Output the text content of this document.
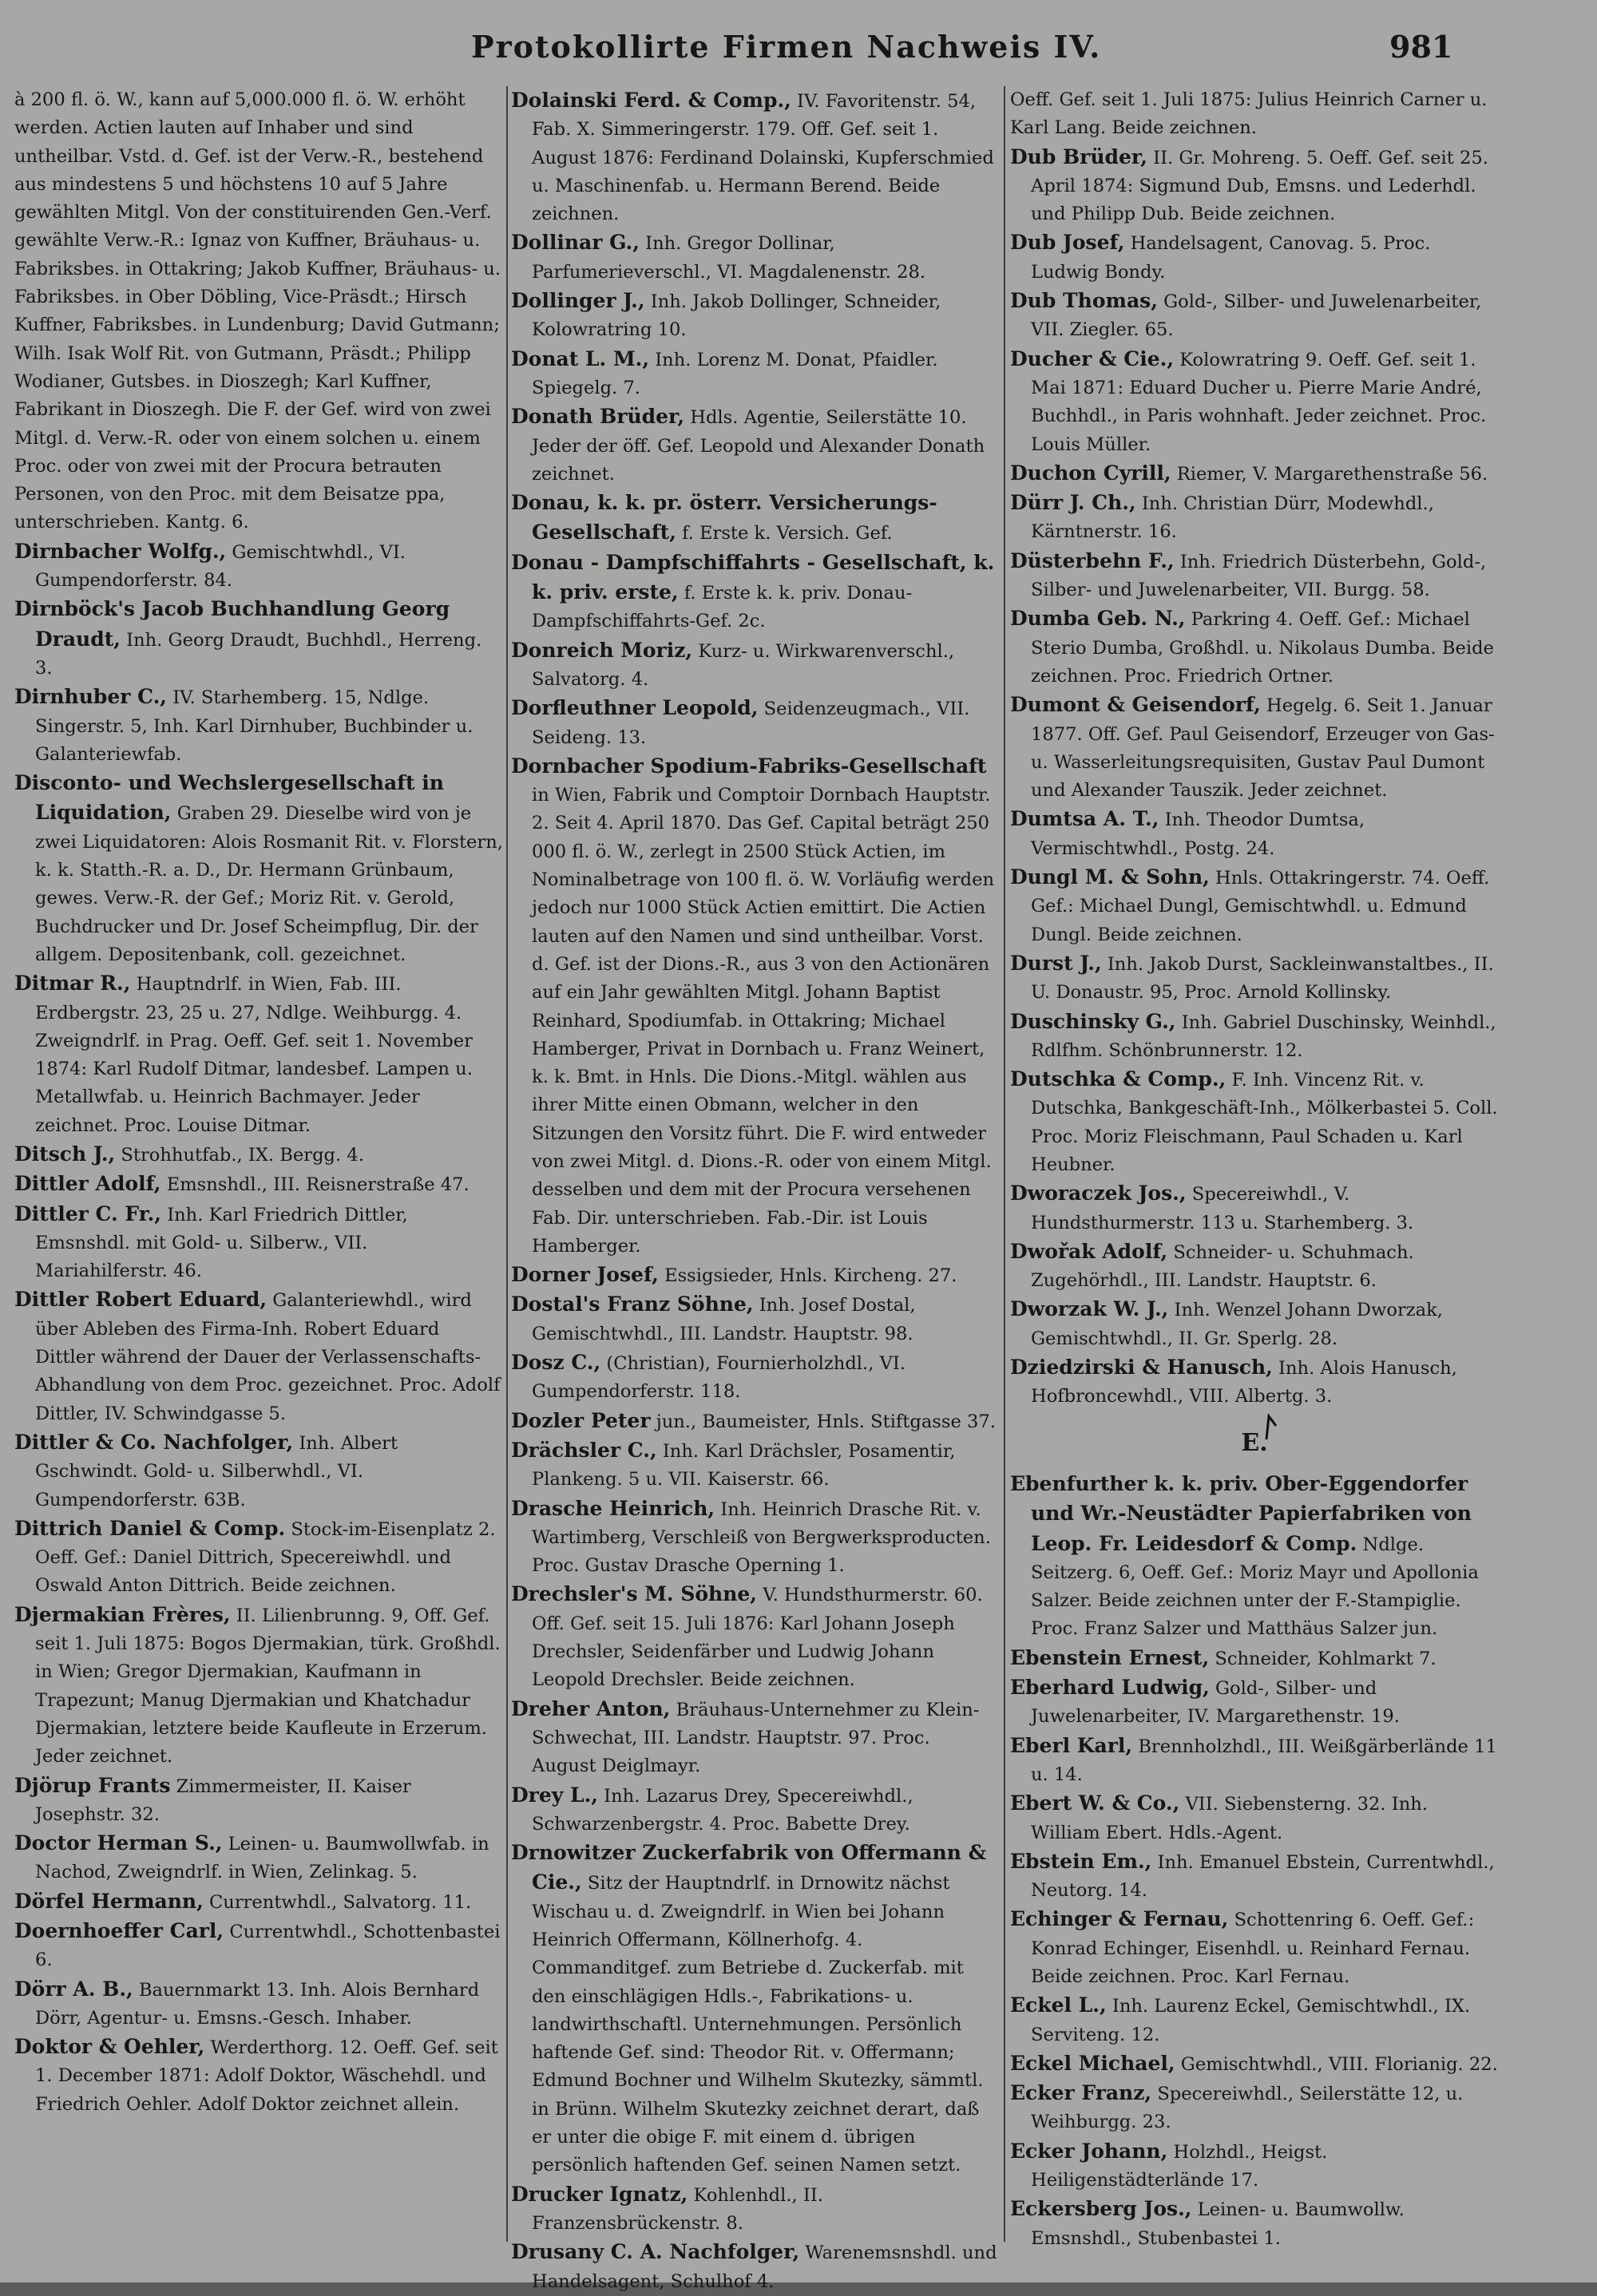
Protokollirte Firmen Nachweis IV.	981

à 200 fl. ö. W., kann auf 5,000.000 fl. ö. W. erhöht werden. Actien lauten auf Inhaber und sind untheilbar. Vstd. d. Gef. ist der Verw.-R., bestehend aus mindestens 5 und höchstens 10 auf 5 Jahre gewählten Mitgl. Von der constituirenden Gen.-Verf. gewählte Verw.-R.: Ignaz von Kuffner, Bräuhaus- u. Fabriksbes. in Ottakring; Jakob Kuffner, Bräuhaus- u. Fabriksbes. in Ober Döbling, Vice-Präsdt.; Hirsch Kuffner, Fabriksbes. in Lundenburg; David Gutmann; Wilh. Isak Wolf Rit. von Gutmann, Präsdt.; Philipp Wodianer, Gutsbes. in Dioszegh; Karl Kuffner, Fabrikant in Dioszegh. Die F. der Gef. wird von zwei Mitgl. d. Verw.-R. oder von einem solchen u. einem Proc. oder von zwei mit der Procura betrauten Personen, von den Proc. mit dem Beisatze ppa, unterschrieben. Kantg. 6.

Dirnbacher Wolfg., Gemischtwhdl., VI. Gumpendorferstr. 84.

Dirnböck's Jacob Buchhandlung Georg Draudt, Inh. Georg Draudt, Buchhdl., Herreng. 3.

Dirnhuber C., IV. Starhemberg. 15, Ndlge. Singerstr. 5, Inh. Karl Dirnhuber, Buchbinder u. Galanteriewfab.

Disconto- und Wechslergesellschaft in Liquidation, Graben 29. Dieselbe wird von je zwei Liquidatoren: Alois Rosmanit Rit. v. Florstern, k. k. Statth.-R. a. D., Dr. Hermann Grünbaum, gewes. Verw.-R. der Gef.; Moriz Rit. v. Gerold, Buchdrucker und Dr. Josef Scheimpflug, Dir. der allgem. Depositenbank, coll. gezeichnet.

Ditmar R., Hauptndrlf. in Wien, Fab. III. Erdbergstr. 23, 25 u. 27, Ndlge. Weihburgg. 4. Zweigndrlf. in Prag. Oeff. Gef. seit 1. November 1874: Karl Rudolf Ditmar, landesbef. Lampen u. Metallwfab. u. Heinrich Bachmayer. Jeder zeichnet. Proc. Louise Ditmar.

Ditsch J., Strohhutfab., IX. Bergg. 4.

Dittler Adolf, Emsnshdl., III. Reisnerstraße 47.

Dittler C. Fr., Inh. Karl Friedrich Dittler, Emsnshdl. mit Gold- u. Silberw., VII. Mariahilferstr. 46.

Dittler Robert Eduard, Galanteriewhdl., wird über Ableben des Firma-Inh. Robert Eduard Dittler während der Dauer der Verlassenschafts-Abhandlung von dem Proc. gezeichnet. Proc. Adolf Dittler, IV. Schwindgasse 5.

Dittler & Co. Nachfolger, Inh. Albert Gschwindt. Gold- u. Silberwhdl., VI. Gumpendorferstr. 63B.

Dittrich Daniel & Comp. Stock-im-Eisenplatz 2. Oeff. Gef.: Daniel Dittrich, Specereiwhdl. und Oswald Anton Dittrich. Beide zeichnen.

Djermakian Frères, II. Lilienbrunng. 9, Off. Gef. seit 1. Juli 1875: Bogos Djermakian, türk. Großhdl. in Wien; Gregor Djermakian, Kaufmann in Trapezunt; Manug Djermakian und Khatchadur Djermakian, letztere beide Kaufleute in Erzerum. Jeder zeichnet.

Djörup Frants Zimmermeister, II. Kaiser Josephstr. 32.

Doctor Herman S., Leinen- u. Baumwollwfab. in Nachod, Zweigndrlf. in Wien, Zelinkag. 5.

Dörfel Hermann, Currentwhdl., Salvatorg. 11.

Doernhoeffer Carl, Currentwhdl., Schottenbastei 6.

Dörr A. B., Bauernmarkt 13. Inh. Alois Bernhard Dörr, Agentur- u. Emsns.-Gesch. Inhaber.

Doktor & Oehler, Werderthorg. 12. Oeff. Gef. seit 1. December 1871: Adolf Doktor, Wäschehdl. und Friedrich Oehler. Adolf Doktor zeichnet allein.

Dolainski Ferd. & Comp., IV. Favoritenstr. 54, Fab. X. Simmeringerstr. 179. Off. Gef. seit 1. August 1876: Ferdinand Dolainski, Kupferschmied u. Maschinenfab. u. Hermann Berend. Beide zeichnen.

Dollinar G., Inh. Gregor Dollinar, Parfumerieverschl., VI. Magdalenenstr. 28.

Dollinger J., Inh. Jakob Dollinger, Schneider, Kolowratring 10.

Donat L. M., Inh. Lorenz M. Donat, Pfaidler. Spiegelg. 7.

Donath Brüder, Hdls. Agentie, Seilerstätte 10. Jeder der öff. Gef. Leopold und Alexander Donath zeichnet.

Donau, k. k. pr. österr. Versicherungs-Gesellschaft, f. Erste k. Versich. Gef.

Donau - Dampfschiffahrts - Gesellschaft, k. k. priv. erste, f. Erste k. k. priv. Donau-Dampfschiffahrts-Gef. 2c.

Donreich Moriz, Kurz- u. Wirkwarenverschl., Salvatorg. 4.

Dorfleuthner Leopold, Seidenzeugmach., VII. Seideng. 13.

Dornbacher Spodium-Fabriks-Gesellschaft in Wien, Fabrik und Comptoir Dornbach Hauptstr. 2. Seit 4. April 1870. Das Gef. Capital beträgt 250 000 fl. ö. W., zerlegt in 2500 Stück Actien, im Nominalbetrage von 100 fl. ö. W. Vorläufig werden jedoch nur 1000 Stück Actien emittirt. Die Actien lauten auf den Namen und sind untheilbar. Vorst. d. Gef. ist der Dions.-R., aus 3 von den Actionären auf ein Jahr gewählten Mitgl. Johann Baptist Reinhard, Spodiumfab. in Ottakring; Michael Hamberger, Privat in Dornbach u. Franz Weinert, k. k. Bmt. in Hnls. Die Dions.-Mitgl. wählen aus ihrer Mitte einen Obmann, welcher in den Sitzungen den Vorsitz führt. Die F. wird entweder von zwei Mitgl. d. Dions.-R. oder von einem Mitgl. desselben und dem mit der Procura versehenen Fab. Dir. unterschrieben. Fab.-Dir. ist Louis Hamberger.

Dorner Josef, Essigsieder, Hnls. Kircheng. 27.

Dostal's Franz Söhne, Inh. Josef Dostal, Gemischtwhdl., III. Landstr. Hauptstr. 98.

Dosz C., (Christian), Fournierholzhdl., VI. Gumpendorferstr. 118.

Dozler Peter jun., Baumeister, Hnls. Stiftgasse 37.

Drächsler C., Inh. Karl Drächsler, Posamentir, Plankeng. 5 u. VII. Kaiserstr. 66.

Drasche Heinrich, Inh. Heinrich Drasche Rit. v. Wartimberg, Verschleiß von Bergwerksproducten. Proc. Gustav Drasche Operning 1.

Drechsler's M. Söhne, V. Hundsthurmerstr. 60. Off. Gef. seit 15. Juli 1876: Karl Johann Joseph Drechsler, Seidenfärber und Ludwig Johann Leopold Drechsler. Beide zeichnen.

Dreher Anton, Bräuhaus-Unternehmer zu Klein-Schwechat, III. Landstr. Hauptstr. 97. Proc. August Deiglmayr.

Drey L., Inh. Lazarus Drey, Specereiwhdl., Schwarzenbergstr. 4. Proc. Babette Drey.

Drnowitzer Zuckerfabrik von Offermann & Cie., Sitz der Hauptndrlf. in Drnowitz nächst Wischau u. d. Zweigndrlf. in Wien bei Johann Heinrich Offermann, Köllnerhofg. 4. Commanditgef. zum Betriebe d. Zuckerfab. mit den einschlägigen Hdls.-, Fabrikations- u. landwirthschaftl. Unternehmungen. Persönlich haftende Gef. sind: Theodor Rit. v. Offermann; Edmund Bochner und Wilhelm Skutezky, sämmtl. in Brünn. Wilhelm Skutezky zeichnet derart, daß er unter die obige F. mit einem d. übrigen persönlich haftenden Gef. seinen Namen setzt.

Drucker Ignatz, Kohlenhdl., II. Franzensbrückenstr. 8.

Drusany C. A. Nachfolger, Warenemsnshdl. und Handelsagent, Schulhof 4.

Oeff. Gef. seit 1. Juli 1875: Julius Heinrich Carner u. Karl Lang. Beide zeichnen.

Dub Brüder, II. Gr. Mohreng. 5. Oeff. Gef. seit 25. April 1874: Sigmund Dub, Emsns. und Lederhdl. und Philipp Dub. Beide zeichnen.

Dub Josef, Handelsagent, Canovag. 5. Proc. Ludwig Bondy.

Dub Thomas, Gold-, Silber- und Juwelenarbeiter, VII. Ziegler. 65.

Ducher & Cie., Kolowratring 9. Oeff. Gef. seit 1. Mai 1871: Eduard Ducher u. Pierre Marie André, Buchhdl., in Paris wohnhaft. Jeder zeichnet. Proc. Louis Müller.

Duchon Cyrill, Riemer, V. Margarethenstraße 56.

Dürr J. Ch., Inh. Christian Dürr, Modewhdl., Kärntnerstr. 16.

Düsterbehn F., Inh. Friedrich Düsterbehn, Gold-, Silber- und Juwelenarbeiter, VII. Burgg. 58.

Dumba Geb. N., Parkring 4. Oeff. Gef.: Michael Sterio Dumba, Großhdl. u. Nikolaus Dumba. Beide zeichnen. Proc. Friedrich Ortner.

Dumont & Geisendorf, Hegelg. 6. Seit 1. Januar 1877. Off. Gef. Paul Geisendorf, Erzeuger von Gas- u. Wasserleitungsrequisiten, Gustav Paul Dumont und Alexander Tauszik. Jeder zeichnet.

Dumtsa A. T., Inh. Theodor Dumtsa, Vermischtwhdl., Postg. 24.

Dungl M. & Sohn, Hnls. Ottakringerstr. 74. Oeff. Gef.: Michael Dungl, Gemischtwhdl. u. Edmund Dungl. Beide zeichnen.

Durst J., Inh. Jakob Durst, Sackleinwanstaltbes., II. U. Donaustr. 95, Proc. Arnold Kollinsky.

Duschinsky G., Inh. Gabriel Duschinsky, Weinhdl., Rdlfhm. Schönbrunnerstr. 12.

Dutschka & Comp., F. Inh. Vincenz Rit. v. Dutschka, Bankgeschäft-Inh., Mölkerbastei 5. Coll. Proc. Moriz Fleischmann, Paul Schaden u. Karl Heubner.

Dworaczek Jos., Specereiwhdl., V. Hundsthurmerstr. 113 u. Starhemberg. 3.

Dwořak Adolf, Schneider- u. Schuhmach. Zugehörhdl., III. Landstr. Hauptstr. 6.

Dworzak W. J., Inh. Wenzel Johann Dworzak, Gemischtwhdl., II. Gr. Sperlg. 28.

Dziedzirski & Hanusch, Inh. Alois Hanusch, Hofbroncewhdl., VIII. Albertg. 3.

E.

Ebenfurther k. k. priv. Ober-Eggendorfer und Wr.-Neustädter Papierfabriken von Leop. Fr. Leidesdorf & Comp. Ndlge. Seitzerg. 6, Oeff. Gef.: Moriz Mayr und Apollonia Salzer. Beide zeichnen unter der F.-Stampiglie. Proc. Franz Salzer und Matthäus Salzer jun.

Ebenstein Ernest, Schneider, Kohlmarkt 7.

Eberhard Ludwig, Gold-, Silber- und Juwelenarbeiter, IV. Margarethenstr. 19.

Eberl Karl, Brennholzhdl., III. Weißgärberlände 11 u. 14.

Ebert W. & Co., VII. Siebensterng. 32. Inh. William Ebert. Hdls.-Agent.

Ebstein Em., Inh. Emanuel Ebstein, Currentwhdl., Neutorg. 14.

Echinger & Fernau, Schottenring 6. Oeff. Gef.: Konrad Echinger, Eisenhdl. u. Reinhard Fernau. Beide zeichnen. Proc. Karl Fernau.

Eckel L., Inh. Laurenz Eckel, Gemischtwhdl., IX. Serviteng. 12.

Eckel Michael, Gemischtwhdl., VIII. Florianig. 22.

Ecker Franz, Specereiwhdl., Seilerstätte 12, u. Weihburgg. 23.

Ecker Johann, Holzhdl., Heigst. Heiligenstädterlände 17.

Eckersberg Jos., Leinen- u. Baumwollw. Emsnshdl., Stubenbastei 1.
